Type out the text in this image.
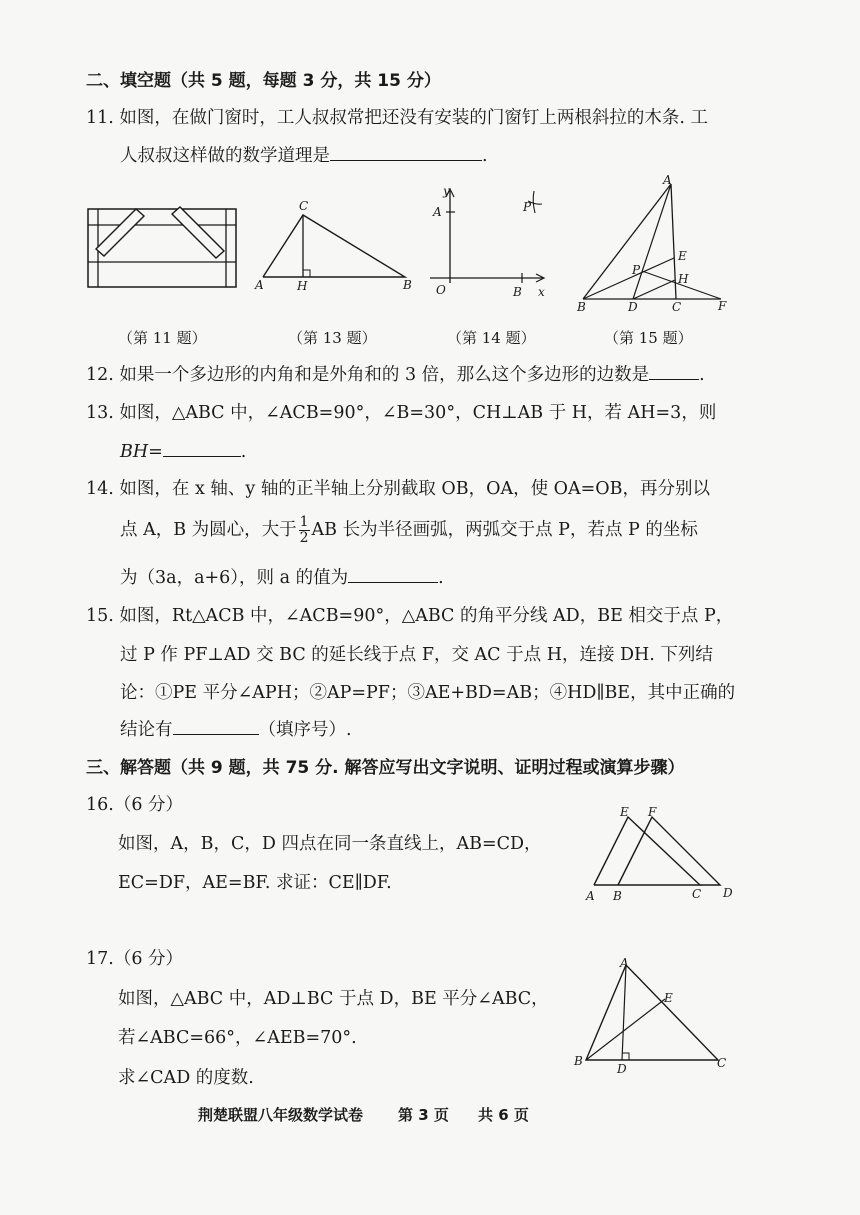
二、填空题（共 5 题，每题 3 分，共 15 分）
11. 如图，在做门窗时，工人叔叔常把还没有安装的门窗钉上两根斜拉的木条. 工
人叔叔这样做的数学道理是	.
A	H	B
C
y
A	P
O	B x
A
E
P
H
B	D	C	F
（第 11 题）	（第 13 题）	（第 14 题）	（第 15 题）
12. 如果一个多边形的内角和是外角和的 3 倍，那么这个多边形的边数是	.
13. 如图，△ABC 中，∠ACB=90°，∠B=30°，CH⊥AB 于 H，若 AH=3，则
BH=	.
14. 如图，在 x 轴、y 轴的正半轴上分别截取 OB，OA，使 OA=OB，再分别以
点 A，B 为圆心，大于 $\frac{1}{2}$ AB 长为半径画弧，两弧交于点 P，若点 P 的坐标
为（3a，a+6），则 a 的值为	.
15. 如图，Rt△ACB 中，∠ACB=90°，△ABC 的角平分线 AD，BE 相交于点 P，
过 P 作 PF⊥AD 交 BC 的延长线于点 F，交 AC 于点 H，连接 DH. 下列结
论：①PE 平分∠APH；②AP=PF；③AE+BD=AB；④HD∥BE，其中正确的
结论有	（填序号）.
三、解答题（共 9 题，共 75 分. 解答应写出文字说明、证明过程或演算步骤）
16.（6 分）
如图，A，B，C，D 四点在同一条直线上，AB=CD，
EC=DF，AE=BF. 求证：CE∥DF.
E F
A B	C D
17.（6 分）
如图，△ABC 中，AD⊥BC 于点 D，BE 平分∠ABC，
若∠ABC=66°，∠AEB=70°.
求∠CAD 的度数.
A
E
B
D	C
荆楚联盟八年级数学试卷 第 3 页 共 6 页
